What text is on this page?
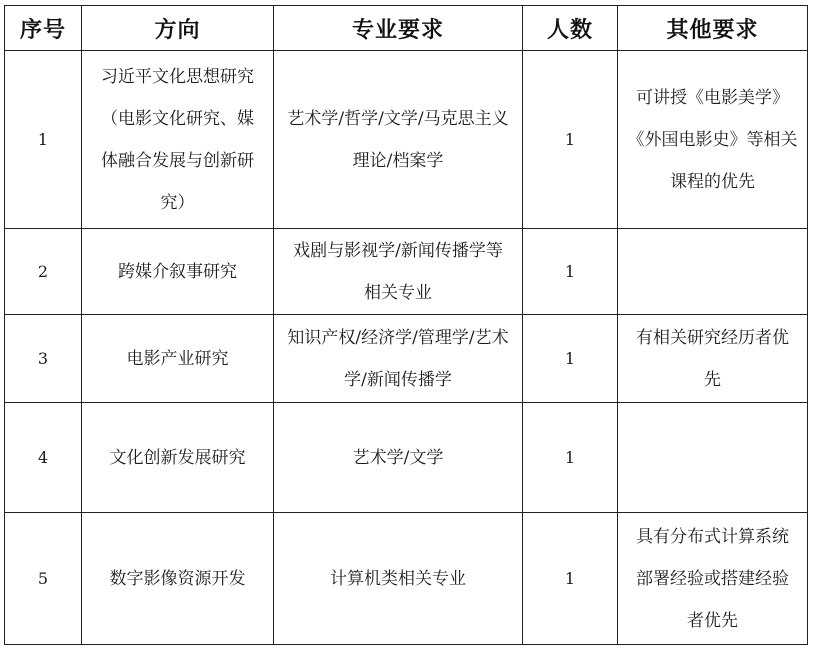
序号	方向	专业要求	人数	其他要求
1	习近平文化思想研究（电影文化研究、媒体融合发展与创新研究）	艺术学/哲学/文学/马克思主义理论/档案学	1	可讲授《电影美学》《外国电影史》等相关课程的优先

2	跨媒介叙事研究	戏剧与影视学/新闻传播学等相关专业	1	

3	电影产业研究	知识产权/经济学/管理学/艺术学/新闻传播学	1	有相关研究经历者优先

4	文化创新发展研究	艺术学/文学	1	

5	数字影像资源开发	计算机类相关专业	1	具有分布式计算系统部署经验或搭建经验者优先
